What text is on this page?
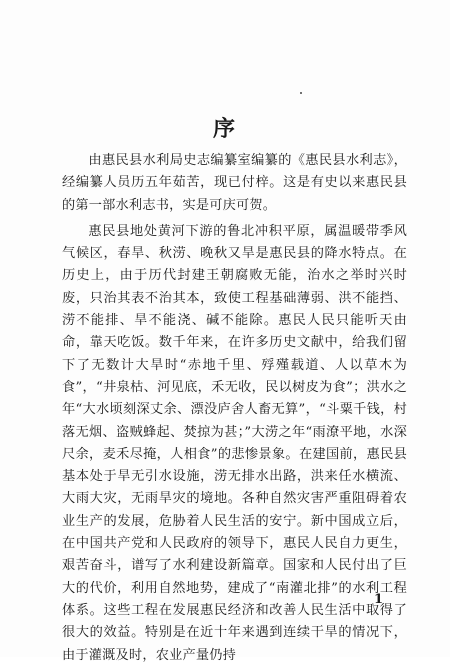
序

由惠民县水利局史志编纂室编纂的《惠民县水利志》，经编纂人员历五年茹苦，现已付梓。这是有史以来惠民县的第一部水利志书，实是可庆可贺。

惠民县地处黄河下游的鲁北冲积平原，属温暖带季风气候区，春旱、秋涝、晚秋又旱是惠民县的降水特点。在历史上，由于历代封建王朝腐败无能，治水之举时兴时废，只治其表不治其本，致使工程基础薄弱、洪不能挡、涝不能排、旱不能浇、碱不能除。惠民人民只能听天由命，靠天吃饭。数千年来，在许多历史文献中，给我们留下了无数计大旱时“赤地千里、殍殣载道、人以草木为食”，“井泉枯、河见底，禾无收，民以树皮为食”；洪水之年“大水顷刻深丈余、漂没庐舍人畜无算”，“斗粟千钱，村落无烟、盗贼蜂起、焚掠为甚；”大涝之年“雨潦平地，水深尺余，麦禾尽掩，人相食”的悲惨景象。在建国前，惠民县基本处于旱无引水设施，涝无排水出路，洪来任水横流、大雨大灾，无雨旱灾的境地。各种自然灾害严重阻碍着农业生产的发展，危胁着人民生活的安宁。新中国成立后，在中国共产党和人民政府的领导下，惠民人民自力更生，艰苦奋斗，谱写了水利建设新篇章。国家和人民付出了巨大的代价，利用自然地势，建成了“南灌北排”的水利工程体系。这些工程在发展惠民经济和改善人民生活中取得了很大的效益。特别是在近十年来遇到连续干旱的情况下，由于灌溉及时，农业产量仍持

1
